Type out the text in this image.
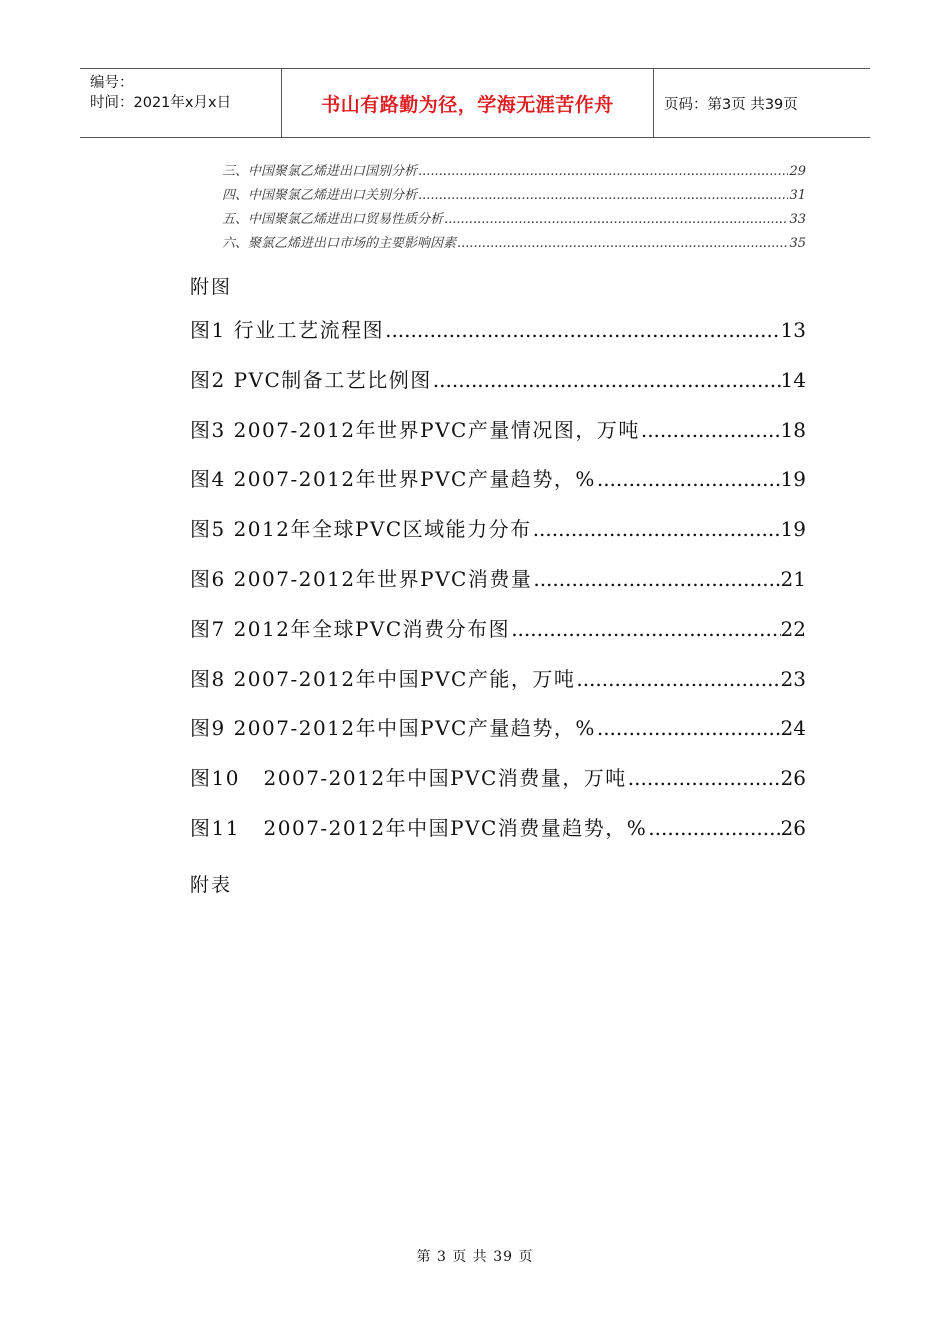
编号：
时间：2021年x月x日	书山有路勤为径，学海无涯苦作舟	页码：第3页 共39页
三、中国聚氯乙烯进出口国别分析 .....	29
四、中国聚氯乙烯进出口关别分析 .....	31
五、中国聚氯乙烯进出口贸易性质分析 .....	33
六、聚氯乙烯进出口市场的主要影响因素 .....	35
附图
图1 行业工艺流程图 .....	13
图2 PVC制备工艺比例图 .....	14
图3 2007-2012年世界PVC产量情况图，万吨 .....	18
图4 2007-2012年世界PVC产量趋势，% .....	19
图5 2012年全球PVC区域能力分布 .....	19
图6 2007-2012年世界PVC消费量 .....	21
图7 2012年全球PVC消费分布图 .....	22
图8 2007-2012年中国PVC产能，万吨 .....	23
图9 2007-2012年中国PVC产量趋势，% .....	24
图10   2007-2012年中国PVC消费量，万吨 .....	26
图11   2007-2012年中国PVC消费量趋势，% .....	26
附表
第 3 页 共 39 页
